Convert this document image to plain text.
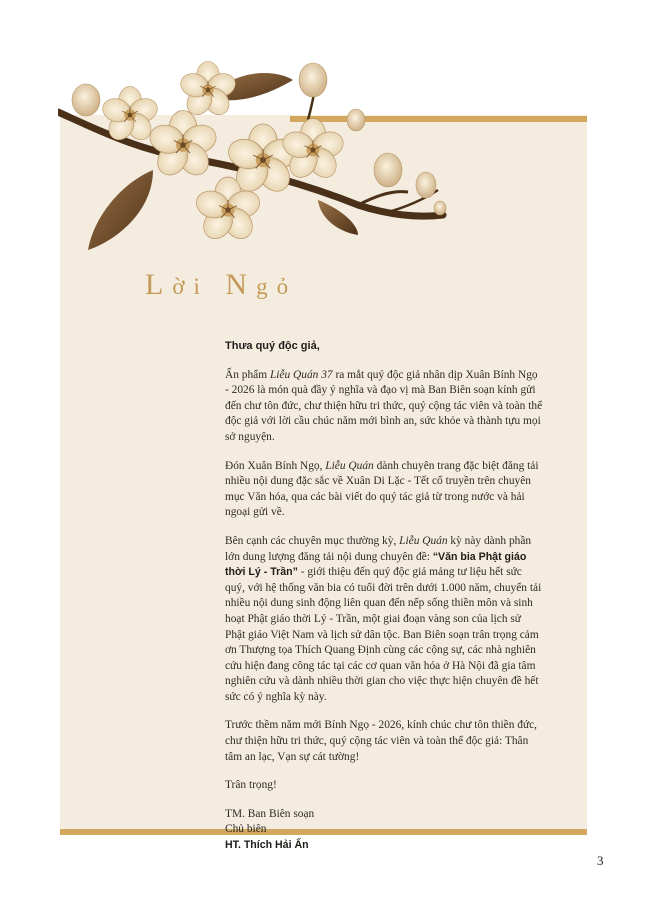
Lời Ngỏ

Thưa quý độc giả,

Ấn phẩm Liễu Quán 37 ra mắt quý độc giả nhân dịp Xuân Bính Ngọ - 2026 là món quà đầy ý nghĩa và đạo vị mà Ban Biên soạn kính gửi đến chư tôn đức, chư thiện hữu tri thức, quý cộng tác viên và toàn thể độc giả với lời cầu chúc năm mới bình an, sức khỏe và thành tựu mọi sở nguyện.

Đón Xuân Bính Ngọ, Liễu Quán dành chuyên trang đặc biệt đăng tải nhiều nội dung đặc sắc về Xuân Di Lặc - Tết cổ truyền trên chuyên mục Văn hóa, qua các bài viết do quý tác giả từ trong nước và hải ngoại gửi về.

Bên cạnh các chuyên mục thường kỳ, Liễu Quán kỳ này dành phần lớn dung lượng đăng tải nội dung chuyên đề: “Văn bia Phật giáo thời Lý - Trần” - giới thiệu đến quý độc giả mảng tư liệu hết sức quý, với hệ thống văn bia có tuổi đời trên dưới 1.000 năm, chuyển tải nhiều nội dung sinh động liên quan đến nếp sống thiền môn và sinh hoạt Phật giáo thời Lý - Trần, một giai đoạn vàng son của lịch sử Phật giáo Việt Nam và lịch sử dân tộc. Ban Biên soạn trân trọng cảm ơn Thượng tọa Thích Quang Định cùng các cộng sự, các nhà nghiên cứu hiện đang công tác tại các cơ quan văn hóa ở Hà Nội đã gia tâm nghiên cứu và dành nhiều thời gian cho việc thực hiện chuyên đề hết sức có ý nghĩa kỳ này.

Trước thềm năm mới Bính Ngọ - 2026, kính chúc chư tôn thiền đức, chư thiện hữu tri thức, quý cộng tác viên và toàn thể độc giả: Thân tâm an lạc, Vạn sự cát tường!

Trân trọng!

TM. Ban Biên soạn
Chủ biên
HT. Thích Hải Ấn
3
